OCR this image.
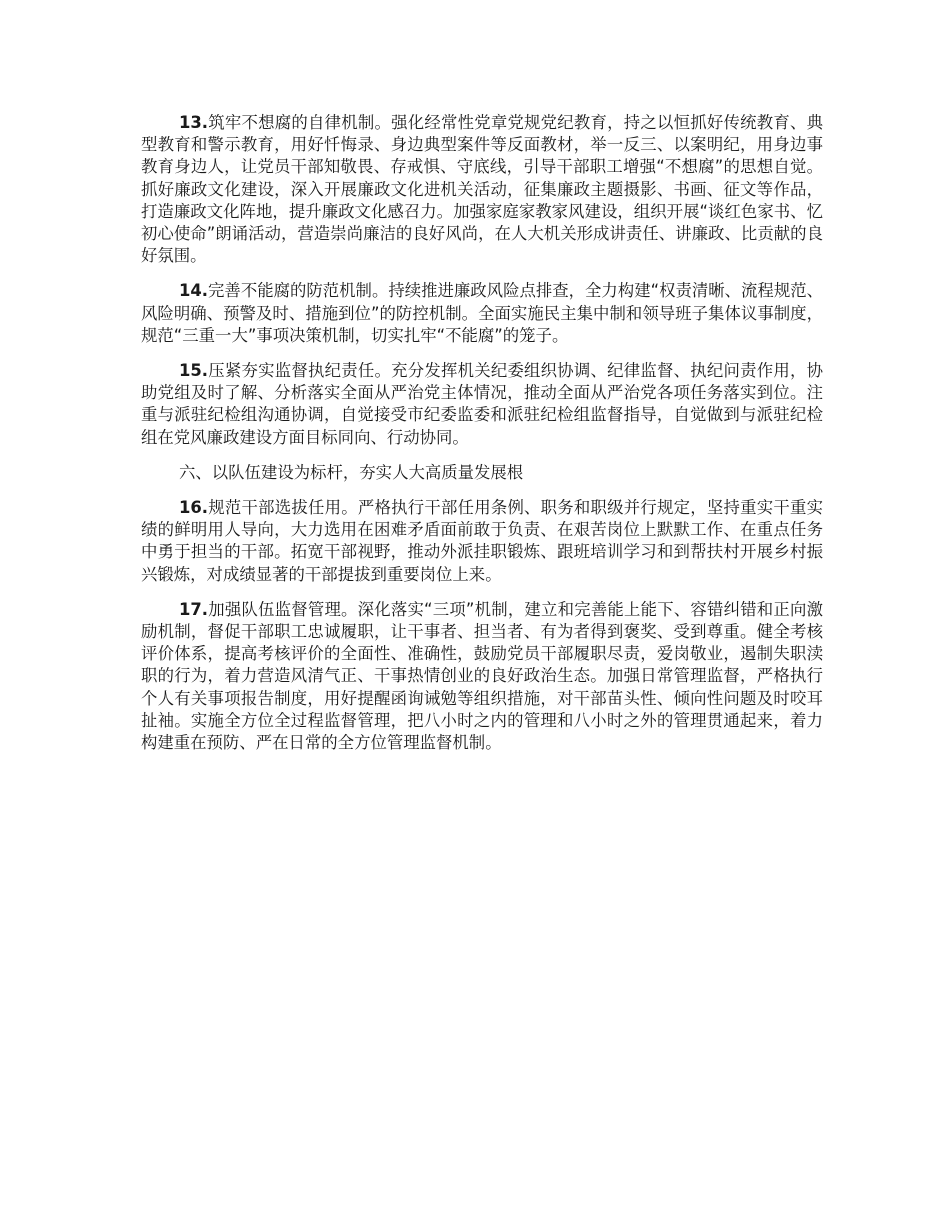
13.筑牢不想腐的自律机制。强化经常性党章党规党纪教育，持之以恒抓好传统教育、典型教育和警示教育，用好忏悔录、身边典型案件等反面教材，举一反三、以案明纪，用身边事教育身边人，让党员干部知敬畏、存戒惧、守底线，引导干部职工增强“不想腐”的思想自觉。抓好廉政文化建设，深入开展廉政文化进机关活动，征集廉政主题摄影、书画、征文等作品，打造廉政文化阵地，提升廉政文化感召力。加强家庭家教家风建设，组织开展“谈红色家书、忆初心使命”朗诵活动，营造崇尚廉洁的良好风尚，在人大机关形成讲责任、讲廉政、比贡献的良好氛围。

14.完善不能腐的防范机制。持续推进廉政风险点排查，全力构建“权责清晰、流程规范、风险明确、预警及时、措施到位”的防控机制。全面实施民主集中制和领导班子集体议事制度，规范“三重一大”事项决策机制，切实扎牢“不能腐”的笼子。

15.压紧夯实监督执纪责任。充分发挥机关纪委组织协调、纪律监督、执纪问责作用，协助党组及时了解、分析落实全面从严治党主体情况，推动全面从严治党各项任务落实到位。注重与派驻纪检组沟通协调，自觉接受市纪委监委和派驻纪检组监督指导，自觉做到与派驻纪检组在党风廉政建设方面目标同向、行动协同。

六、以队伍建设为标杆，夯实人大高质量发展根

16.规范干部选拔任用。严格执行干部任用条例、职务和职级并行规定，坚持重实干重实绩的鲜明用人导向，大力选用在困难矛盾面前敢于负责、在艰苦岗位上默默工作、在重点任务中勇于担当的干部。拓宽干部视野，推动外派挂职锻炼、跟班培训学习和到帮扶村开展乡村振兴锻炼，对成绩显著的干部提拔到重要岗位上来。

17.加强队伍监督管理。深化落实“三项”机制，建立和完善能上能下、容错纠错和正向激励机制，督促干部职工忠诚履职，让干事者、担当者、有为者得到褒奖、受到尊重。健全考核评价体系，提高考核评价的全面性、准确性，鼓励党员干部履职尽责，爱岗敬业，遏制失职渎职的行为，着力营造风清气正、干事热情创业的良好政治生态。加强日常管理监督，严格执行个人有关事项报告制度，用好提醒函询诫勉等组织措施，对干部苗头性、倾向性问题及时咬耳扯袖。实施全方位全过程监督管理，把八小时之内的管理和八小时之外的管理贯通起来，着力构建重在预防、严在日常的全方位管理监督机制。
